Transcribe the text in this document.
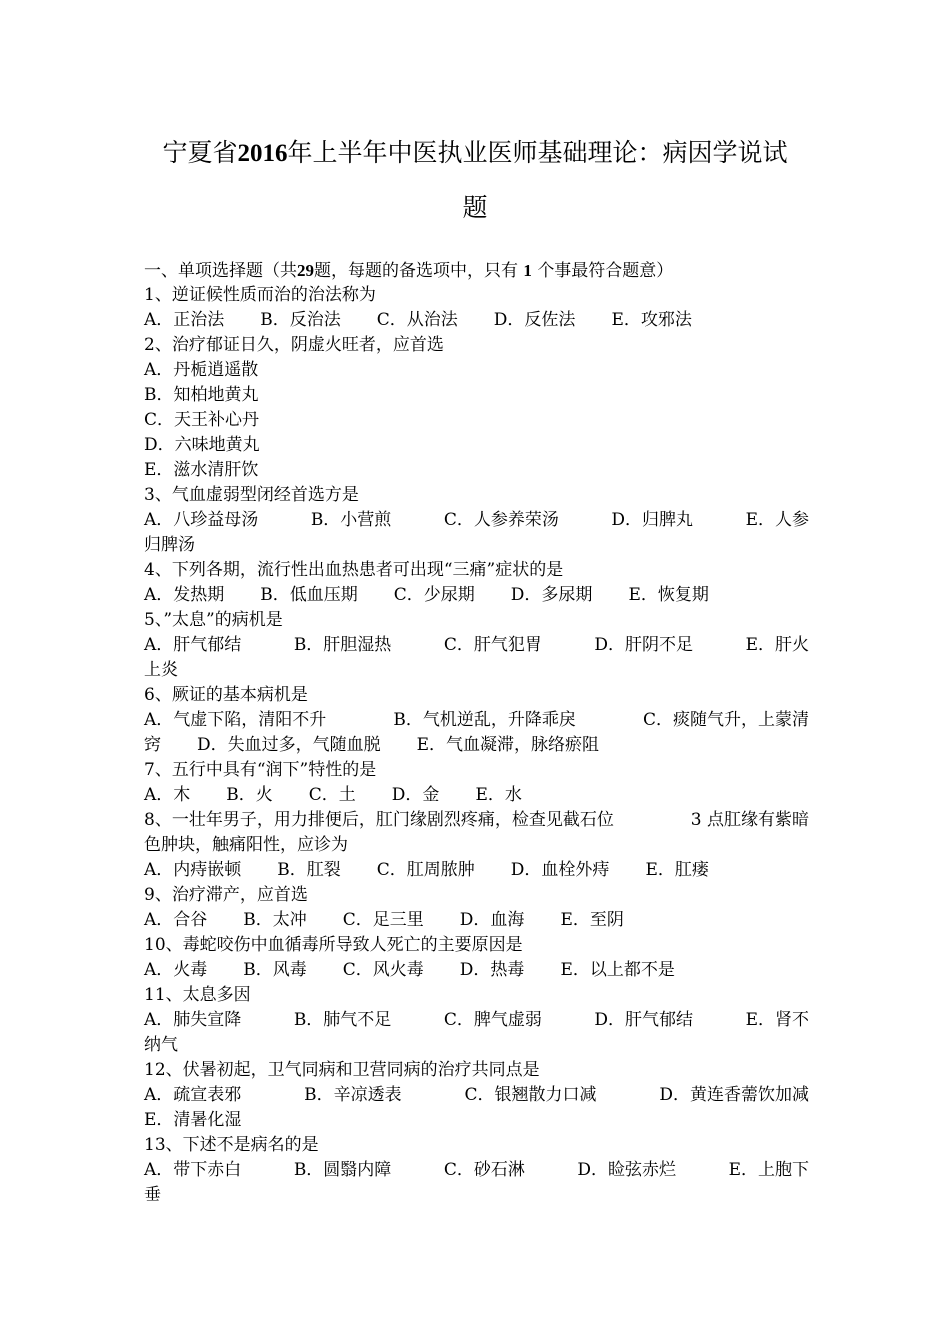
宁夏省2016年上半年中医执业医师基础理论：病因学说试
题
一、单项选择题（共29题，每题的备选项中，只有 1 个事最符合题意）
1、逆证候性质而治的治法称为
A．正治法 B．反治法 C．从治法 D．反佐法 E．攻邪法
2、治疗郁证日久，阴虚火旺者，应首选
A．丹栀逍遥散
B．知柏地黄丸
C．天王补心丹
D．六味地黄丸
E．滋水清肝饮
3、气血虚弱型闭经首选方是
A．八珍益母汤	B．小营煎	C．人参养荣汤	D．归脾丸	E．人参
归脾汤
4、下列各期，流行性出血热患者可出现“三痛”症状的是
A．发热期 B．低血压期 C．少尿期 D．多尿期 E．恢复期
5、”太息”的病机是
A．肝气郁结	B．肝胆湿热	C．肝气犯胃	D．肝阴不足	E．肝火
上炎
6、厥证的基本病机是
A．气虚下陷，清阳不升	B．气机逆乱，升降乖戾	C．痰随气升，上蒙清
窍 D．失血过多，气随血脱 E．气血凝滞，脉络瘀阻
7、五行中具有“润下”特性的是
A．木 B．火 C．土 D．金 E．水
8、一壮年男子，用力排便后，肛门缘剧烈疼痛，检查见截石位	3 点肛缘有紫暗
色肿块，触痛阳性，应诊为
A．内痔嵌顿 B．肛裂 C．肛周脓肿 D．血栓外痔 E．肛瘘
9、治疗滞产，应首选
A．合谷 B．太冲 C．足三里 D．血海 E．至阴
10、毒蛇咬伤中血循毒所导致人死亡的主要原因是
A．火毒 B．风毒 C．风火毒 D．热毒 E．以上都不是
11、太息多因
A．肺失宣降	B．肺气不足	C．脾气虚弱	D．肝气郁结	E．肾不
纳气
12、伏暑初起，卫气同病和卫营同病的治疗共同点是
A．疏宣表邪	B．辛凉透表	C．银翘散力口减	D．黄连香薷饮加减
E．清暑化湿
13、下述不是病名的是
A．带下赤白	B．圆翳内障	C．砂石淋	D．睑弦赤烂	E．上胞下
垂
